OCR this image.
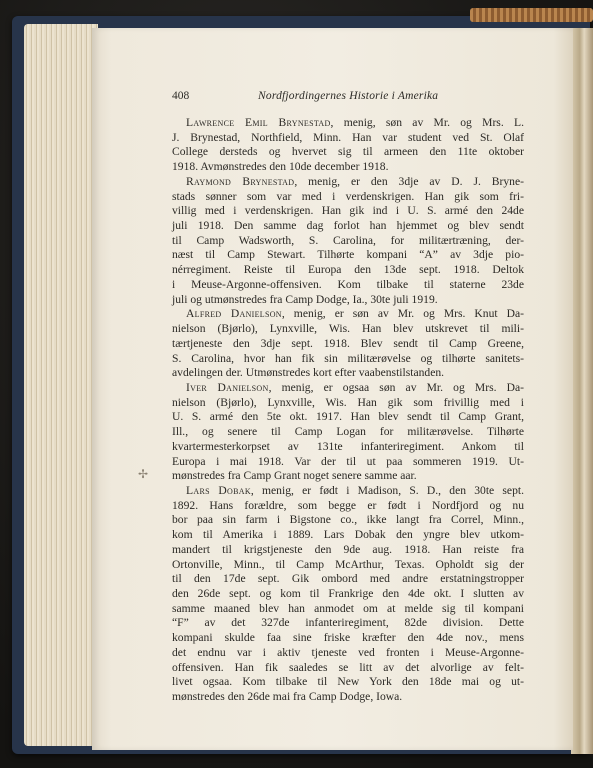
408	Nordfjordingernes Historie i Amerika
✢
Lawrence Emil Brynestad, menig, søn av Mr. og Mrs. L.
J. Brynestad, Northfield, Minn. Han var student ved St. Olaf
College dersteds og hvervet sig til armeen den 11te oktober
1918. Avmønstredes den 10de december 1918.
Raymond Brynestad, menig, er den 3dje av D. J. Bryne-
stads sønner som var med i verdenskrigen. Han gik som fri-
villig med i verdenskrigen. Han gik ind i U. S. armé den 24de
juli 1918. Den samme dag forlot han hjemmet og blev sendt
til Camp Wadsworth, S. Carolina, for militærtræning, der-
næst til Camp Stewart. Tilhørte kompani “A” av 3dje pio-
nérregiment. Reiste til Europa den 13de sept. 1918. Deltok
i Meuse-Argonne-offensiven. Kom tilbake til staterne 23de
juli og utmønstredes fra Camp Dodge, Ia., 30te juli 1919.
Alfred Danielson, menig, er søn av Mr. og Mrs. Knut Da-
nielson (Bjørlo), Lynxville, Wis. Han blev utskrevet til mili-
tærtjeneste den 3dje sept. 1918. Blev sendt til Camp Greene,
S. Carolina, hvor han fik sin militærøvelse og tilhørte sanitets-
avdelingen der. Utmønstredes kort efter vaabenstilstanden.
Iver Danielson, menig, er ogsaa søn av Mr. og Mrs. Da-
nielson (Bjørlo), Lynxville, Wis. Han gik som frivillig med i
U. S. armé den 5te okt. 1917. Han blev sendt til Camp Grant,
Ill., og senere til Camp Logan for militærøvelse. Tilhørte
kvartermesterkorpset av 131te infanteriregiment. Ankom til
Europa i mai 1918. Var der til ut paa sommeren 1919. Ut-
mønstredes fra Camp Grant noget senere samme aar.
Lars Dobak, menig, er født i Madison, S. D., den 30te sept.
1892. Hans forældre, som begge er født i Nordfjord og nu
bor paa sin farm i Bigstone co., ikke langt fra Correl, Minn.,
kom til Amerika i 1889. Lars Dobak den yngre blev utkom-
mandert til krigstjeneste den 9de aug. 1918. Han reiste fra
Ortonville, Minn., til Camp McArthur, Texas. Opholdt sig der
til den 17de sept. Gik ombord med andre erstatningstropper
den 26de sept. og kom til Frankrige den 4de okt. I slutten av
samme maaned blev han anmodet om at melde sig til kompani
“F” av det 327de infanteriregiment, 82de division. Dette
kompani skulde faa sine friske kræfter den 4de nov., mens
det endnu var i aktiv tjeneste ved fronten i Meuse-Argonne-
offensiven. Han fik saaledes se litt av det alvorlige av felt-
livet ogsaa. Kom tilbake til New York den 18de mai og ut-
mønstredes den 26de mai fra Camp Dodge, Iowa.
